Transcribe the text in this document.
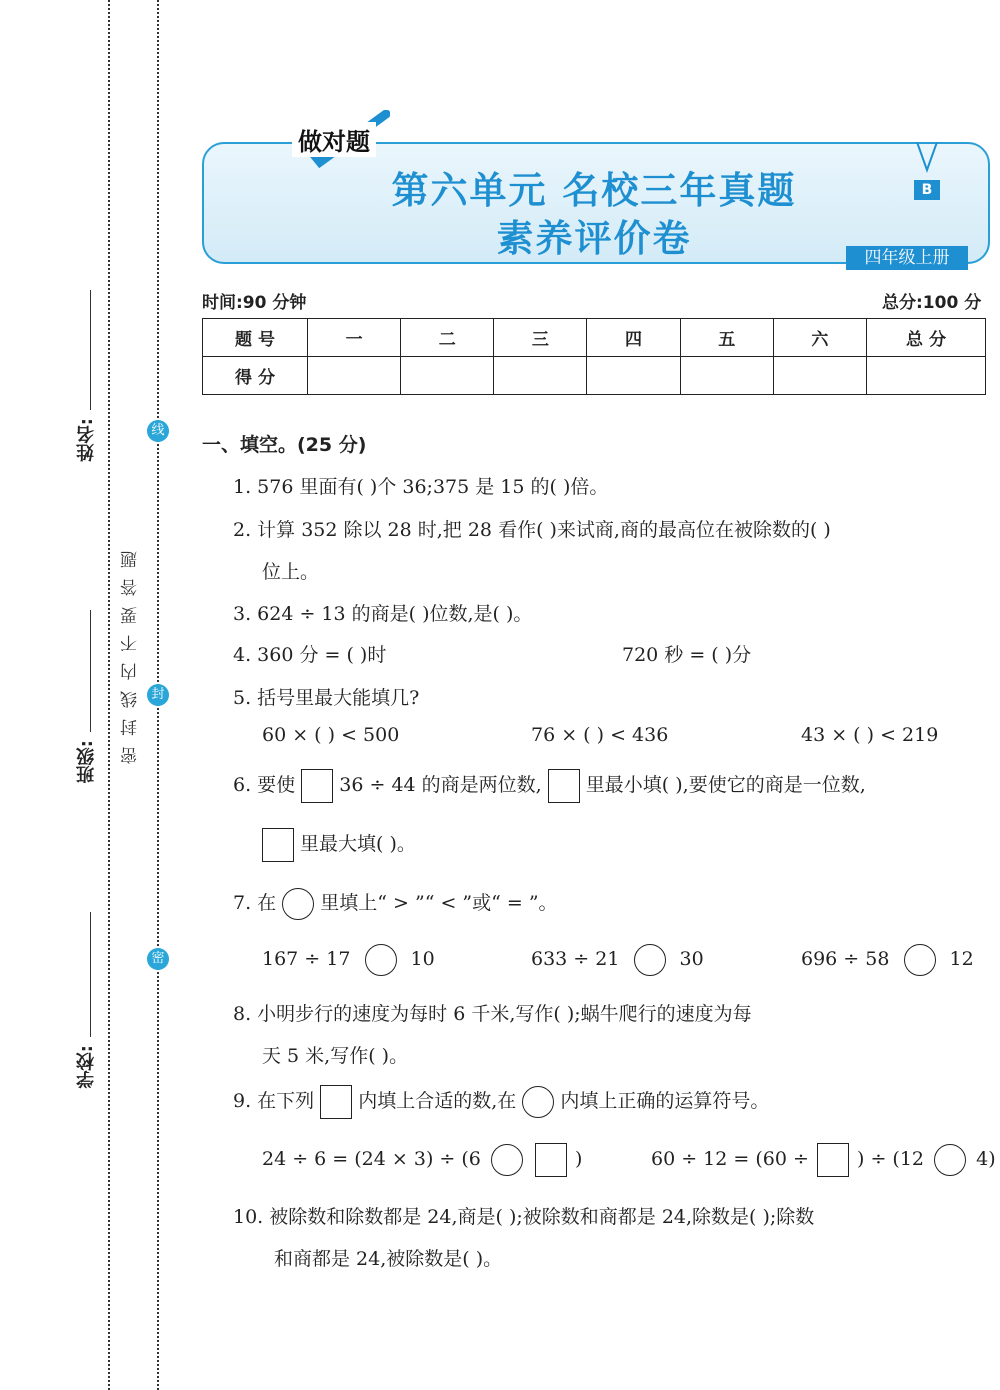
姓名:
班级:
学校:
密封线内不要答题
线
封
密
做对题
第六单元 名校三年真题
素养评价卷
B
四年级上册
时间:90 分钟	总分:100 分
题 号	一	二	三	四	五	六	总 分
得 分							
一、填空。(25 分)
1. 576 里面有( )个 36;375 是 15 的( )倍。
2. 计算 352 除以 28 时,把 28 看作( )来试商,商的最高位在被除数的( )
位上。
3. 624 ÷ 13 的商是( )位数,是( )。
4. 360 分 = ( )时	720 秒 = ( )分
5. 括号里最大能填几?
60 × ( ) < 500	76 × ( ) < 436	43 × ( ) < 219
6. 要使 36 ÷ 44 的商是两位数, 里最小填( ),要使它的商是一位数,
里最大填( )。
7. 在 里填上“ > ”“ < ”或“ = ”。
167 ÷ 17	10	633 ÷ 21	30	696 ÷ 58	12
8. 小明步行的速度为每时 6 千米,写作( );蜗牛爬行的速度为每
天 5 米,写作( )。
9. 在下列 内填上合适的数,在 内填上正确的运算符号。
24 ÷ 6 = (24 × 3) ÷ (6	)	60 ÷ 12 = (60 ÷	) ÷ (12	4)
10. 被除数和除数都是 24,商是( );被除数和商都是 24,除数是( );除数
和商都是 24,被除数是( )。
